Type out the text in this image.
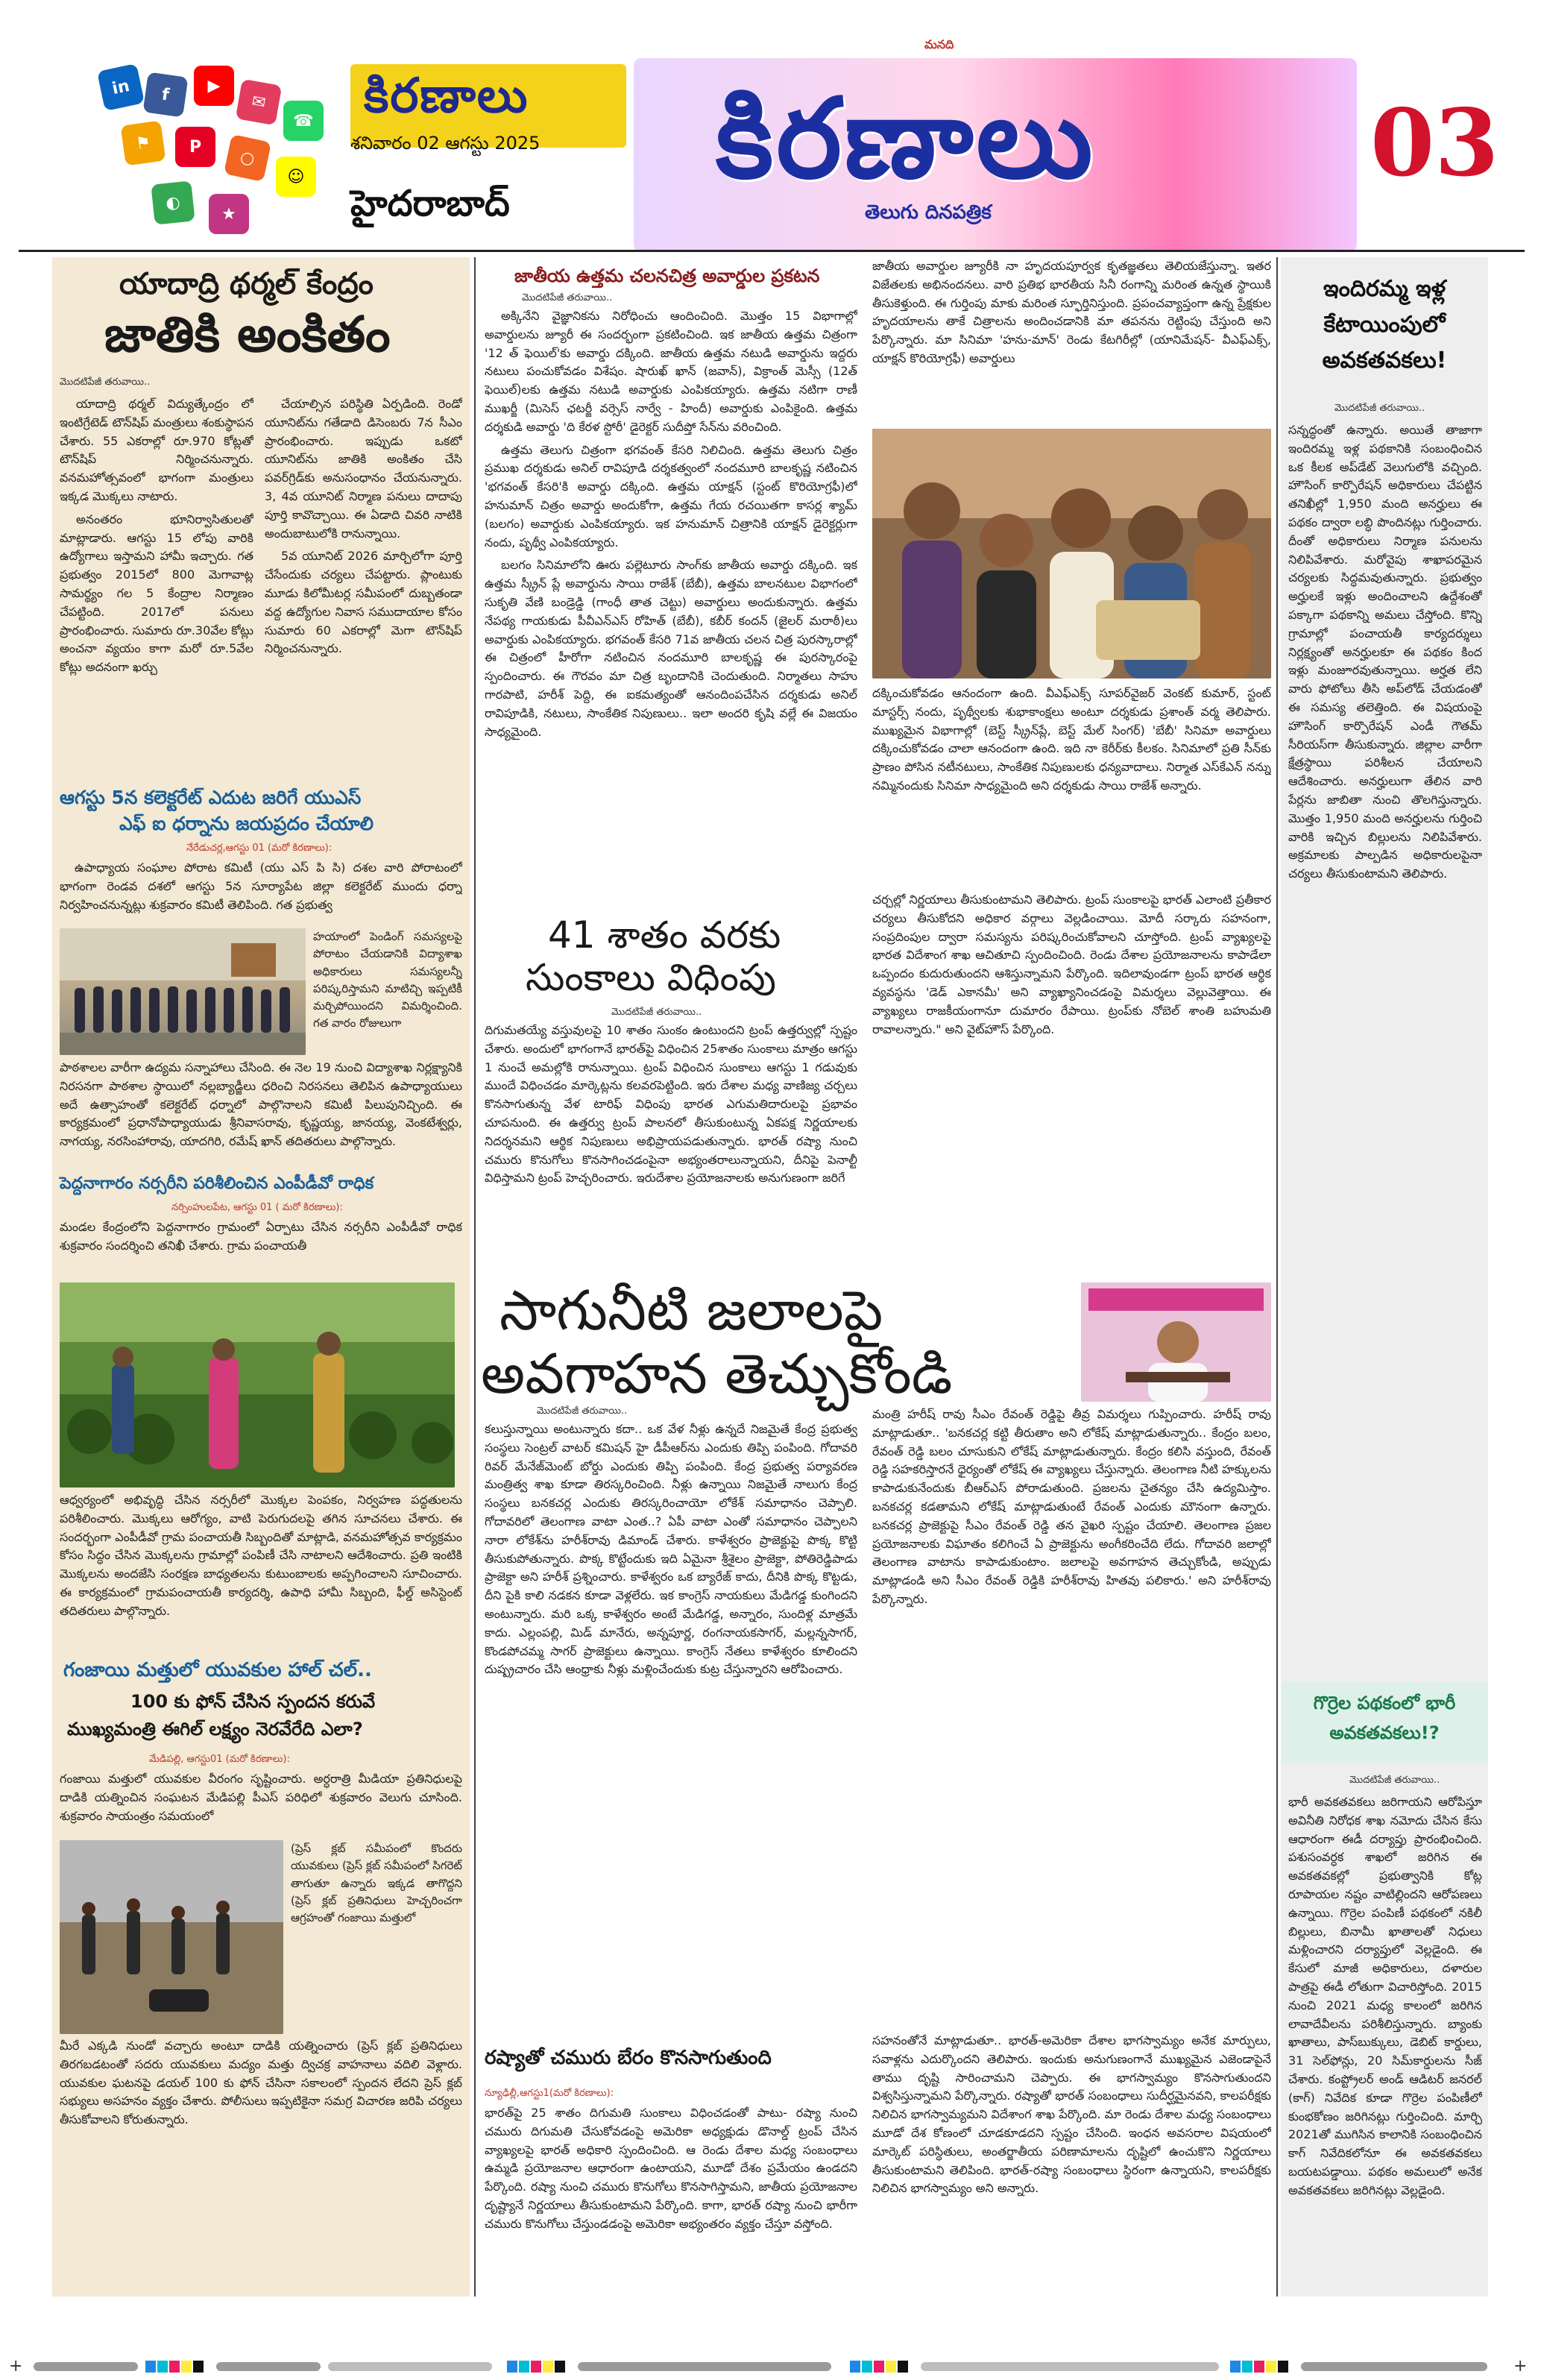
in	f	▶
✉
☎
⚑	P
○
☺
◐
★
కిరణాలు
శనివారం 02 ఆగస్టు 2025
హైదరాబాద్
మనది
కిరణాలు
తెలుగు దినపత్రిక
03
యాదాద్రి థర్మల్ కేంద్రం
జాతికి అంకితం
మొదటిపేజీ తరువాయి..

యాదాద్రి థర్మల్ విద్యుత్కేంద్రం లో ఇంటిగ్రేటెడ్ టౌన్‌షిప్ మంత్రులు శంకుస్థాపన చేశారు. 55 ఎకరాల్లో రూ.970 కోట్లతో టౌన్‌షిప్‌ నిర్మించనున్నారు. వనమహోత్సవంలో భాగంగా మంత్రులు ఇక్కడ మొక్కలు నాటారు.

అనంతరం భూనిర్వాసితులతో మాట్లాడారు. ఆగస్టు 15 లోపు వారికి ఉద్యోగాలు ఇస్తామని హామీ ఇచ్చారు. గత ప్రభుత్వం 2015లో 800 మెగావాట్ల సామర్థ్యం గల 5 కేంద్రాల నిర్మాణం చేపట్టింది. 2017లో పనులు ప్రారంభించారు. సుమారు రూ.30వేల కోట్లు అంచనా వ్యయం కాగా మరో రూ.5వేల కోట్లు అదనంగా ఖర్చు

చేయాల్సిన పరిస్థితి ఏర్పడింది. రెండో యూనిట్‌ను గతేడాది డిసెంబరు 7న సీఎం ప్రారంభించారు. ఇప్పుడు ఒకటో యూనిట్‌ను జాతికి అంకితం చేసి పవర్‌గ్రిడ్‌కు అనుసంధానం చేయనున్నారు. 3, 4వ యూనిట్ నిర్మాణ పనులు దాదాపు పూర్తి కావొచ్చాయి. ఈ ఏడాది చివరి నాటికి అందుబాటులోకి రానున్నాయి.

5వ యూనిట్ 2026 మార్చిలోగా పూర్తి చేసేందుకు చర్యలు చేపట్టారు. ప్లాంటుకు మూడు కిలోమీటర్ల సమీపంలో దుబ్బతండా వద్ద ఉద్యోగుల నివాస సముదాయాల కోసం సుమారు 60 ఎకరాల్లో మెగా టౌన్‌షిప్‌ నిర్మించనున్నారు.

ఆగస్టు 5న కలెక్టరేట్ ఎదుట జరిగే యుఎస్
ఎఫ్ ఐ ధర్నాను జయప్రదం చేయాలి
నేరేడుచర్ల,ఆగస్టు 01 (మరో కిరణాలు):
ఉపాధ్యాయ సంఘాల పోరాట కమిటీ (యు ఎస్ పి సి) దశల వారి పోరాటంలో భాగంగా రెండవ దశలో ఆగస్టు 5న సూర్యాపేట జిల్లా కలెక్టరేట్ ముందు ధర్నా నిర్వహించనున్నట్లు శుక్రవారం కమిటీ తెలిపింది. గత ప్రభుత్వ
హయాంలో పెండింగ్ సమస్యలపై పోరాటం చేయడానికి విద్యాశాఖ అధికారులు సమస్యలన్నీ పరిష్కరిస్తామని మాటిచ్చి ఇప్పటికీ మర్చిపోయిందని విమర్శించింది. గత వారం రోజులుగా
పాఠశాలల వారీగా ఉద్యమ సన్నాహాలు చేసింది. ఈ నెల 19 నుంచి విద్యాశాఖ నిర్లక్ష్యానికి నిరసనగా పాఠశాల స్థాయిలో నల్లబ్యాడ్జీలు ధరించి నిరసనలు తెలిపిన ఉపాధ్యాయులు అదే ఉత్సాహంతో కలెక్టరేట్ ధర్నాలో పాల్గొనాలని కమిటీ పిలుపునిచ్చింది. ఈ కార్యక్రమంలో ప్రధానోపాధ్యాయుడు శ్రీనివాసరావు, కృష్ణయ్య, జానయ్య, వెంకటేశ్వర్లు, నాగయ్య, నరసింహారావు, యాదగిరి, రమేష్ ఖాన్ తదితరులు పాల్గొన్నారు.
పెద్దనాగారం నర్సరీని పరిశీలించిన ఎంపీడీవో రాధిక
నర్సింహులపేట, ఆగస్టు 01 ( మరో కిరణాలు):
మండల కేంద్రంలోని పెద్దనాగారం గ్రామంలో ఏర్పాటు చేసిన నర్సరీని ఎంపీడీవో రాధిక శుక్రవారం సందర్శించి తనిఖీ చేశారు. గ్రామ పంచాయతీ
ఆధ్వర్యంలో అభివృద్ధి చేసిన నర్సరీలో మొక్కల పెంపకం, నిర్వహణ పద్ధతులను పరిశీలించారు. మొక్కలు ఆరోగ్యం, వాటి పెరుగుదలపై తగిన సూచనలు చేశారు. ఈ సందర్భంగా ఎంపీడీవో గ్రామ పంచాయతీ సిబ్బందితో మాట్లాడి, వనమహోత్సవ కార్యక్రమం కోసం సిద్ధం చేసిన మొక్కలను గ్రామాల్లో పంపిణీ చేసి నాటాలని ఆదేశించారు. ప్రతి ఇంటికి మొక్కలను అందజేసి సంరక్షణ బాధ్యతలను కుటుంబాలకు అప్పగించాలని సూచించారు. ఈ కార్యక్రమంలో గ్రామపంచాయతీ కార్యదర్శి, ఉపాధి హామీ సిబ్బంది, ఫీల్డ్ అసిస్టెంట్ తదితరులు పాల్గొన్నారు.
గంజాయి మత్తులో యువకుల హాల్ చల్..
100 కు ఫోన్ చేసిన స్పందన కరువే
ముఖ్యమంత్రి ఈగిల్ లక్ష్యం నెరవేరేది ఎలా?
మేడిపల్లి, ఆగస్టు01 (మరో కిరణాలు):
గంజాయి మత్తులో యువకుల వీరంగం సృష్టించారు. అర్ధరాత్రి మీడియా ప్రతినిధులపై దాడికి యత్నించిన సంఘటన మేడిపల్లి పీఎస్ పరిధిలో శుక్రవారం వెలుగు చూసింది. శుక్రవారం సాయంత్రం సమయంలో
(ప్రెస్ క్లబ్ సమీపంలో కొందరు యువకులు (ప్రెస్ క్లబ్ సమీపంలో సిగరెట్ తాగుతూ ఉన్నారు ఇక్కడ తాగొద్దని (ప్రెస్ క్లబ్ ప్రతినిధులు హెచ్చరించగా ఆగ్రహంతో గంజాయి మత్తులో
మీరే ఎక్కడి నుండో వచ్చారు అంటూ దాడికి యత్నించారు (ప్రెస్ క్లబ్ ప్రతినిధులు తిరగబడటంతో సదరు యువకులు మద్యం మత్తు ద్విచక్ర వాహనాలు వదిలి వెళ్లారు. యువకుల ఘటనపై డయల్ 100 కు ఫోన్ చేసినా సకాలంలో స్పందన లేదని ప్రెస్ క్లబ్ సభ్యులు అసహనం వ్యక్తం చేశారు. పోలీసులు ఇప్పటికైనా సమగ్ర విచారణ జరిపి చర్యలు తీసుకోవాలని కోరుతున్నారు.
జాతీయ ఉత్తమ చలనచిత్ర అవార్డుల ప్రకటన
మొదటిపేజీ తరువాయి..

అక్కినేని వైజ్ఞానికను నిరోధించు ఆందించింది. మొత్తం 15 విభాగాల్లో అవార్డులను జ్యూరీ ఈ సందర్భంగా ప్రకటించింది. ఇక జాతీయ ఉత్తమ చిత్రంగా '12 త్ ఫెయిల్'కు అవార్డు దక్కింది. జాతీయ ఉత్తమ నటుడి అవార్డును ఇద్దరు నటులు పంచుకోవడం విశేషం. షారుఖ్ ఖాన్ (జవాన్), విక్రాంత్ మెస్సీ (12త్ ఫెయిల్)లకు ఉత్తమ నటుడి అవార్డుకు ఎంపికయ్యారు. ఉత్తమ నటిగా రాణీ ముఖర్జీ (మిసెస్ ఛటర్జీ వర్సెస్ నార్వే - హిందీ) అవార్డుకు ఎంపికైంది. ఉత్తమ దర్శకుడి అవార్డు 'ది కేరళ స్టోరీ' డైరెక్టర్ సుదీప్తో సేన్‌ను వరించింది.

ఉత్తమ తెలుగు చిత్రంగా భగవంత్ కేసరి నిలిచింది. ఉత్తమ తెలుగు చిత్రం ప్రముఖ దర్శకుడు అనిల్ రావిపూడి దర్శకత్వంలో నందమూరి బాలకృష్ణ నటించిన 'భగవంత్ కేసరి'కి అవార్డు దక్కింది. ఉత్తమ యాక్షన్ (స్టంట్ కొరియోగ్రఫీ)లో హనుమాన్ చిత్రం అవార్డు అందుకోగా, ఉత్తమ గేయ రచయితగా కాసర్ల శ్యామ్ (బలగం) అవార్డుకు ఎంపికయ్యారు. ఇక హనుమాన్ చిత్రానికి యాక్షన్ డైరెక్టర్లుగా నందు, పృథ్వీ ఎంపికయ్యారు.

బలగం సినిమాలోని ఊరు పల్లెటూరు సాంగ్‌కు జాతీయ అవార్డు దక్కింది. ఇక ఉత్తమ స్క్రీన్ ప్లే అవార్డును సాయి రాజేశ్ (బేబీ), ఉత్తమ బాలనటుల విభాగంలో సుకృతి వేణి బండ్రెడ్డి (గాంధీ తాత చెట్టు) అవార్డులు అందుకున్నారు. ఉత్తమ నేపథ్య గాయకుడు పీవీఎన్ఎస్ రోహిత్ (బేబీ), కబీర్ కందన్ (జైలర్ మరాఠీ)లు అవార్డుకు ఎంపికయ్యారు. భగవంత్ కేసరి 71వ జాతీయ చలన చిత్ర పురస్కారాల్లో ఈ చిత్రంలో హీరోగా నటించిన నందమూరి బాలకృష్ణ ఈ పురస్కారంపై స్పందించారు. ఈ గౌరవం మా చిత్ర బృందానికి చెందుతుంది. నిర్మాతలు సాహు గారపాటి, హరీశ్ పెద్ది, ఈ ఐకమత్యంతో ఆనందింపచేసిన దర్శకుడు అనిల్ రావిపూడికి, నటులు, సాంకేతిక నిపుణులు.. ఇలా అందరి కృషి వల్లే ఈ విజయం సాధ్యమైంది.

జాతీయ అవార్డుల జ్యూరీకి నా హృదయపూర్వక కృతజ్ఞతలు తెలియజేస్తున్నా. ఇతర విజేతలకు అభినందనలు. వారి ప్రతిభ భారతీయ సినీ రంగాన్ని మరింత ఉన్నత స్థాయికి తీసుకెళ్తుంది. ఈ గుర్తింపు మాకు మరింత స్ఫూర్తినిస్తుంది. ప్రపంచవ్యాప్తంగా ఉన్న ప్రేక్షకుల హృదయాలను తాకే చిత్రాలను అందించడానికి మా తపనను రెట్టింపు చేస్తుంది అని పేర్కొన్నారు. మా సినిమా 'హను-మాన్' రెండు కేటగిరీల్లో (యానిమేషన్- వీఎఫ్ఎక్స్, యాక్షన్ కొరియోగ్రఫీ) అవార్డులు
దక్కించుకోవడం ఆనందంగా ఉంది. వీఎఫ్ఎక్స్ సూపర్‌వైజర్ వెంకట్ కుమార్, స్టంట్ మాస్టర్స్ నందు, పృథ్వీలకు శుభాకాంక్షలు అంటూ దర్శకుడు ప్రశాంత్ వర్మ తెలిపారు. ముఖ్యమైన విభాగాల్లో (బెస్ట్ స్క్రీన్‌ప్లే, బెస్ట్ మేల్ సింగర్) 'బేబీ' సినిమా అవార్డులు దక్కించుకోవడం చాలా ఆనందంగా ఉంది. ఇది నా కెరీర్‌కు కీలకం. సినిమాలో ప్రతి సీన్‌కు ప్రాణం పోసిన నటీనటులు, సాంకేతిక నిపుణులకు ధన్యవాదాలు. నిర్మాత ఎస్‌కేఎన్ నన్ను నమ్మినందుకు సినిమా సాధ్యమైంది అని దర్శకుడు సాయి రాజేశ్ అన్నారు.
41 శాతం వరకు
సుంకాలు విధింపు
మొదటిపేజీ తరువాయి..
దిగుమతయ్యే వస్తువులపై 10 శాతం సుంకం ఉంటుందని ట్రంప్ ఉత్తర్వుల్లో స్పష్టం చేశారు. అందులో భాగంగానే భారత్‌పై విధించిన 25శాతం సుంకాలు మాత్రం ఆగస్టు 1 నుంచే అమల్లోకి రానున్నాయి. ట్రంప్ విధించిన సుంకాలు ఆగస్టు 1 గడువుకు ముందే విధించడం మార్కెట్లను కలవరపెట్టింది. ఇరు దేశాల మధ్య వాణిజ్య చర్చలు కొనసాగుతున్న వేళ టారిఫ్ విధింపు భారత ఎగుమతిదారులపై ప్రభావం చూపనుంది. ఈ ఉత్తర్వు ట్రంప్ పాలనలో తీసుకుంటున్న ఏకపక్ష నిర్ణయాలకు నిదర్శనమని ఆర్థిక నిపుణులు అభిప్రాయపడుతున్నారు. భారత్ రష్యా నుంచి చమురు కొనుగోలు కొనసాగించడంపైనా అభ్యంతరాలున్నాయని, దీనిపై పెనాల్టీ విధిస్తామని ట్రంప్ హెచ్చరించారు. ఇరుదేశాల ప్రయోజనాలకు అనుగుణంగా జరిగే
చర్చల్లో నిర్ణయాలు తీసుకుంటామని తెలిపారు. ట్రంప్ సుంకాలపై భారత్ ఎలాంటి ప్రతీకార చర్యలు తీసుకోదని అధికార వర్గాలు వెల్లడించాయి. మోదీ సర్కారు సహనంగా, సంప్రదింపుల ద్వారా సమస్యను పరిష్కరించుకోవాలని చూస్తోంది. ట్రంప్ వ్యాఖ్యలపై భారత విదేశాంగ శాఖ ఆచితూచి స్పందించింది. రెండు దేశాల ప్రయోజనాలను కాపాడేలా ఒప్పందం కుదురుతుందని ఆశిస్తున్నామని పేర్కొంది. ఇదిలావుండగా ట్రంప్ భారత ఆర్థిక వ్యవస్థను 'డెడ్ ఎకానమీ' అని వ్యాఖ్యానించడంపై విమర్శలు వెల్లువెత్తాయి. ఈ వ్యాఖ్యలు రాజకీయంగానూ దుమారం రేపాయి. ట్రంప్‌కు నోబెల్ శాంతి బహుమతి రావాలన్నారు." అని వైట్‌హౌస్ పేర్కొంది.
సాగునీటి జలాలపై
అవగాహన తెచ్చుకోండి
మొదటిపేజీ తరువాయి..
కలుస్తున్నాయి అంటున్నారు కదా.. ఒక వేళ నీళ్లు ఉన్నదే నిజమైతే కేంద్ర ప్రభుత్వ సంస్థలు సెంట్రల్ వాటర్ కమిషన్ హై డీపీఆర్‌ను ఎందుకు తిప్పి పంపింది. గోదావరి రివర్ మేనేజ్‌మెంట్ బోర్డు ఎందుకు తిప్పి పంపింది. కేంద్ర ప్రభుత్వ పర్యావరణ మంత్రిత్వ శాఖ కూడా తిరస్కరించింది. నీళ్లు ఉన్నాయి నిజమైతే నాలుగు కేంద్ర సంస్థలు బనకచర్ల ఎందుకు తిరస్కరించాయో లోకేశ్ సమాధానం చెప్పాలి. గోదావరిలో తెలంగాణ వాటా ఎంత..? ఏపీ వాటా ఎంతో సమాధానం చెప్పాలని నారా లోకేశ్‌ను హరీశ్‌రావు డిమాండ్ చేశారు. కాళేశ్వరం ప్రాజెక్టుపై పొక్క కొట్టి తీసుకుపోతున్నారు. పొక్క కొట్టేందుకు ఇది ఏమైనా శ్రీశైలం ప్రాజెక్టా, పోతిరెడ్డిపాడు ప్రాజెక్టా అని హరీశ్ ప్రశ్నించారు. కాళేశ్వరం ఒక బ్యారేజ్ కాదు, దీనికి పొక్క కొట్టడు, దీని పైకి కాలి నడకన కూడా వెళ్లలేరు. ఇక కాంగ్రెస్ నాయకులు మేడిగడ్డ కుంగిందని అంటున్నారు. మరి ఒక్క కాళేశ్వరం అంటే మేడిగడ్డ, అన్నారం, సుందిళ్ల మాత్రమే కాదు. ఎల్లంపల్లి, మిడ్ మానేరు, అన్నపూర్ణ, రంగనాయకసాగర్, మల్లన్నసాగర్, కొండపోచమ్మ సాగర్ ప్రాజెక్టులు ఉన్నాయి. కాంగ్రెస్ నేతలు కాళేశ్వరం కూలిందని దుష్ప్రచారం చేసి ఆంధ్రాకు నీళ్లు మళ్లించేందుకు కుట్ర చేస్తున్నారని ఆరోపించారు.
మంత్రి హరీష్ రావు సీఎం రేవంత్ రెడ్డిపై తీవ్ర విమర్శలు గుప్పించారు. హరీష్ రావు మాట్లాడుతూ.. 'బనకచర్ల కట్టి తీరుతాం అని లోకేష్ మాట్లాడుతున్నారు.. కేంద్రం బలం, రేవంత్ రెడ్డి బలం చూసుకుని లోకేష్ మాట్లాడుతున్నారు. కేంద్రం కలిసి వస్తుంది, రేవంత్ రెడ్డి సహకరిస్తారనే ధైర్యంతో లోకేష్ ఈ వ్యాఖ్యలు చేస్తున్నారు. తెలంగాణ నీటి హక్కులను కాపాడుకునేందుకు బీఆర్ఎస్ పోరాడుతుంది. ప్రజలను చైతన్యం చేసి ఉద్యమిస్తాం. బనకచర్ల కడతామని లోకేష్ మాట్లాడుతుంటే రేవంత్ ఎందుకు మౌనంగా ఉన్నారు. బనకచర్ల ప్రాజెక్టుపై సీఎం రేవంత్ రెడ్డి తన వైఖరి స్పష్టం చేయాలి. తెలంగాణ ప్రజల ప్రయోజనాలకు విఘాతం కలిగించే ఏ ప్రాజెక్టును అంగీకరించేది లేదు. గోదావరి జలాల్లో తెలంగాణ వాటాను కాపాడుకుంటాం. జలాలపై అవగాహన తెచ్చుకోండి, అప్పుడు మాట్లాడండి అని సీఎం రేవంత్ రెడ్డికి హరీశ్‌రావు హితవు పలికారు.' అని హరీశ్‌రావు పేర్కొన్నారు.
రష్యాతో చమురు బేరం కొనసాగుతుంది
న్యూఢిల్లీ,ఆగస్టు1(మరో కిరణాలు):
భారత్‌పై 25 శాతం దిగుమతి సుంకాలు విధించడంతో పాటు- రష్యా నుంచి చమురు దిగుమతి చేసుకోవడంపై అమెరికా అధ్యక్షుడు డొనాల్డ్ ట్రంప్ చేసిన వ్యాఖ్యలపై భారత్ అధికారి స్పందించింది. ఆ రెండు దేశాల మధ్య సంబంధాలు ఉమ్మడి ప్రయోజనాల ఆధారంగా ఉంటాయని, మూడో దేశం ప్రమేయం ఉండదని పేర్కొంది. రష్యా నుంచి చమురు కొనుగోలు కొనసాగిస్తామని, జాతీయ ప్రయోజనాల దృష్ట్యానే నిర్ణయాలు తీసుకుంటామని పేర్కొంది. కాగా, భారత్ రష్యా నుంచి భారీగా చమురు కొనుగోలు చేస్తుండడంపై అమెరికా అభ్యంతరం వ్యక్తం చేస్తూ వస్తోంది.
సహనంతోనే మాట్లాడుతూ.. భారత్-అమెరికా దేశాల భాగస్వామ్యం అనేక మార్పులు, సవాళ్లను ఎదుర్కొందని తెలిపారు. ఇందుకు అనుగుణంగానే ముఖ్యమైన ఎజెండాపైనే తాము దృష్టి సారించామని చెప్పారు. ఈ భాగస్వామ్యం కొనసాగుతుందని విశ్వసిస్తున్నామని పేర్కొన్నారు. రష్యాతో భారత్ సంబంధాలు సుదీర్ఘమైనవని, కాలపరీక్షకు నిలిచిన భాగస్వామ్యమని విదేశాంగ శాఖ పేర్కొంది. మా రెండు దేశాల మధ్య సంబంధాలు మూడో దేశ కోణంలో చూడకూడదని స్పష్టం చేసింది. ఇంధన అవసరాల విషయంలో మార్కెట్ పరిస్థితులు, అంతర్జాతీయ పరిణామాలను దృష్టిలో ఉంచుకొని నిర్ణయాలు తీసుకుంటామని తెలిపింది. భారత్-రష్యా సంబంధాలు స్థిరంగా ఉన్నాయని, కాలపరీక్షకు నిలిచిన భాగస్వామ్యం అని అన్నారు.
ఇందిరమ్మ ఇళ్ల
కేటాయింపులో
అవకతవకలు!
మొదటిపేజీ తరువాయి..
సన్నద్ధంతో ఉన్నారు. అయితే తాజాగా ఇందిరమ్మ ఇళ్ల పథకానికి సంబంధించిన ఒక కీలక అప్‌డేట్ వెలుగులోకి వచ్చింది. హౌసింగ్ కార్పొరేషన్ అధికారులు చేపట్టిన తనిఖీల్లో 1,950 మంది అనర్హులు ఈ పథకం ద్వారా లబ్ధి పొందినట్లు గుర్తించారు. దీంతో అధికారులు నిర్మాణ పనులను నిలిపివేశారు. మరోవైపు శాఖాపరమైన చర్యలకు సిద్ధమవుతున్నారు. ప్రభుత్వం అర్హులకే ఇళ్లు అందించాలని ఉద్దేశంతో పక్కాగా పథకాన్ని అమలు చేస్తోంది. కొన్ని గ్రామాల్లో పంచాయతీ కార్యదర్శులు నిర్లక్ష్యంతో అనర్హులకూ ఈ పథకం కింద ఇళ్లు మంజూరవుతున్నాయి. అర్హత లేని వారు ఫోటోలు తీసి అప్‌లోడ్ చేయడంతో ఈ సమస్య తలెత్తింది. ఈ విషయంపై హౌసింగ్ కార్పొరేషన్ ఎండీ గౌతమ్ సీరియస్‌గా తీసుకున్నారు. జిల్లాల వారీగా క్షేత్రస్థాయి పరిశీలన చేయాలని ఆదేశించారు. అనర్హులుగా తేలిన వారి పేర్లను జాబితా నుంచి తొలగిస్తున్నారు. మొత్తం 1,950 మంది అనర్హులను గుర్తించి వారికి ఇచ్చిన బిల్లులను నిలిపివేశారు. అక్రమాలకు పాల్పడిన అధికారులపైనా చర్యలు తీసుకుంటామని తెలిపారు.
గొర్రెల పథకంలో భారీ
అవకతవకలు!?
మొదటిపేజీ తరువాయి..
భారీ అవకతవకలు జరిగాయని ఆరోపిస్తూ అవినీతి నిరోధక శాఖ నమోదు చేసిన కేసు ఆధారంగా ఈడీ దర్యాప్తు ప్రారంభించింది. పశుసంవర్ధక శాఖలో జరిగిన ఈ అవకతవకల్లో ప్రభుత్వానికి కోట్ల రూపాయల నష్టం వాటిల్లిందని ఆరోపణలు ఉన్నాయి. గొర్రెల పంపిణీ పథకంలో నకిలీ బిల్లులు, బినామీ ఖాతాలతో నిధులు మళ్లించారని దర్యాప్తులో వెల్లడైంది. ఈ కేసులో మాజీ అధికారులు, దళారుల పాత్రపై ఈడీ లోతుగా విచారిస్తోంది. 2015 నుంచి 2021 మధ్య కాలంలో జరిగిన లావాదేవీలను పరిశీలిస్తున్నారు. బ్యాంకు ఖాతాలు, పాస్‌బుక్కులు, డెబిట్ కార్డులు, 31 సెల్‌ఫోన్లు, 20 సిమ్‌కార్డులను సీజ్ చేశారు. కంప్ట్రోలర్ అండ్ ఆడిటర్ జనరల్ (కాగ్) నివేదిక కూడా గొర్రెల పంపిణీలో కుంభకోణం జరిగినట్లు గుర్తించింది. మార్చి 2021తో ముగిసిన కాలానికి సంబంధించిన కాగ్ నివేదికలోనూ ఈ అవకతవకలు బయటపడ్డాయి. పథకం అమలులో అనేక అవకతవకలు జరిగినట్లు వెల్లడైంది.
+	+
